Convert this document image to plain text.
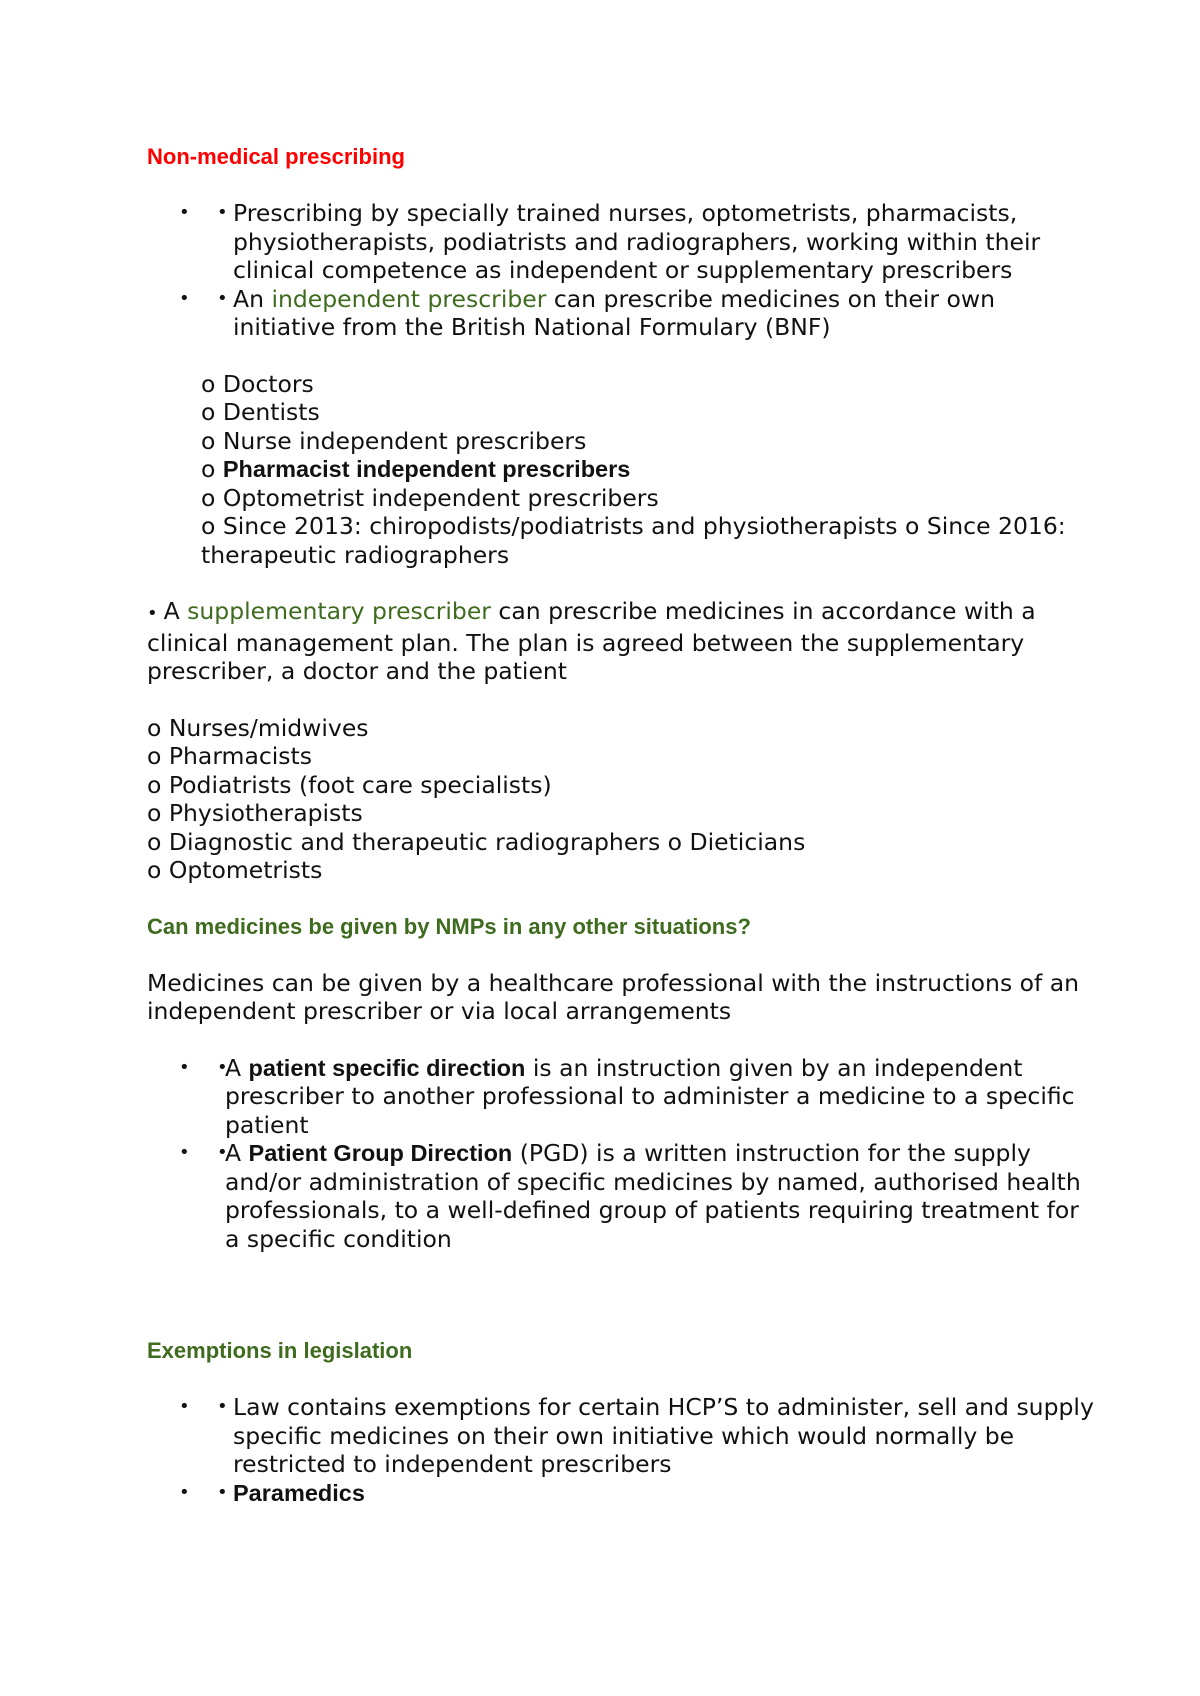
Non-medical prescribing
• • Prescribing by specially trained nurses, optometrists, pharmacists, physiotherapists, podiatrists and radiographers, working within their clinical competence as independent or supplementary prescribers
• • An independent prescriber can prescribe medicines on their own initiative from the British National Formulary (BNF)
o Doctors
o Dentists
o Nurse independent prescribers
o Pharmacist independent prescribers
o Optometrist independent prescribers
o Since 2013: chiropodists/podiatrists and physiotherapists o Since 2016: therapeutic radiographers

• A supplementary prescriber can prescribe medicines in accordance with a clinical management plan. The plan is agreed between the supplementary prescriber, a doctor and the patient

o Nurses/midwives
o Pharmacists
o Podiatrists (foot care specialists)
o Physiotherapists
o Diagnostic and therapeutic radiographers o Dieticians
o Optometrists
Can medicines be given by NMPs in any other situations?

Medicines can be given by a healthcare professional with the instructions of an independent prescriber or via local arrangements

• •
A patient specific direction is an instruction given by an independent prescriber to another professional to administer a medicine to a specific patient
• •
A Patient Group Direction (PGD) is a written instruction for the supply and/or administration of specific medicines by named, authorised health professionals, to a well-defined group of patients requiring treatment for a specific condition
Exemptions in legislation
• • Law contains exemptions for certain HCP’S to administer, sell and supply specific medicines on their own initiative which would normally be restricted to independent prescribers
• • Paramedics
